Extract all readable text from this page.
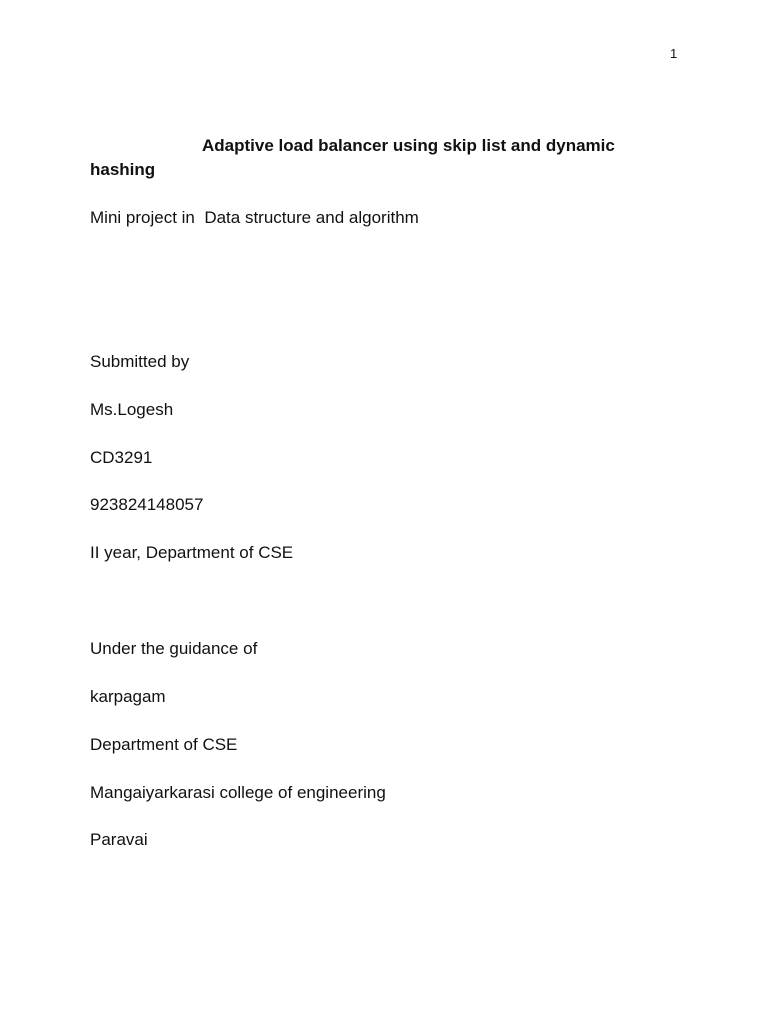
1
Adaptive load balancer using skip list and dynamic hashing
Mini project in  Data structure and algorithm
Submitted by
Ms.Logesh
CD3291
923824148057
II year, Department of CSE
Under the guidance of
karpagam
Department of CSE
Mangaiyarkarasi college of engineering
Paravai
